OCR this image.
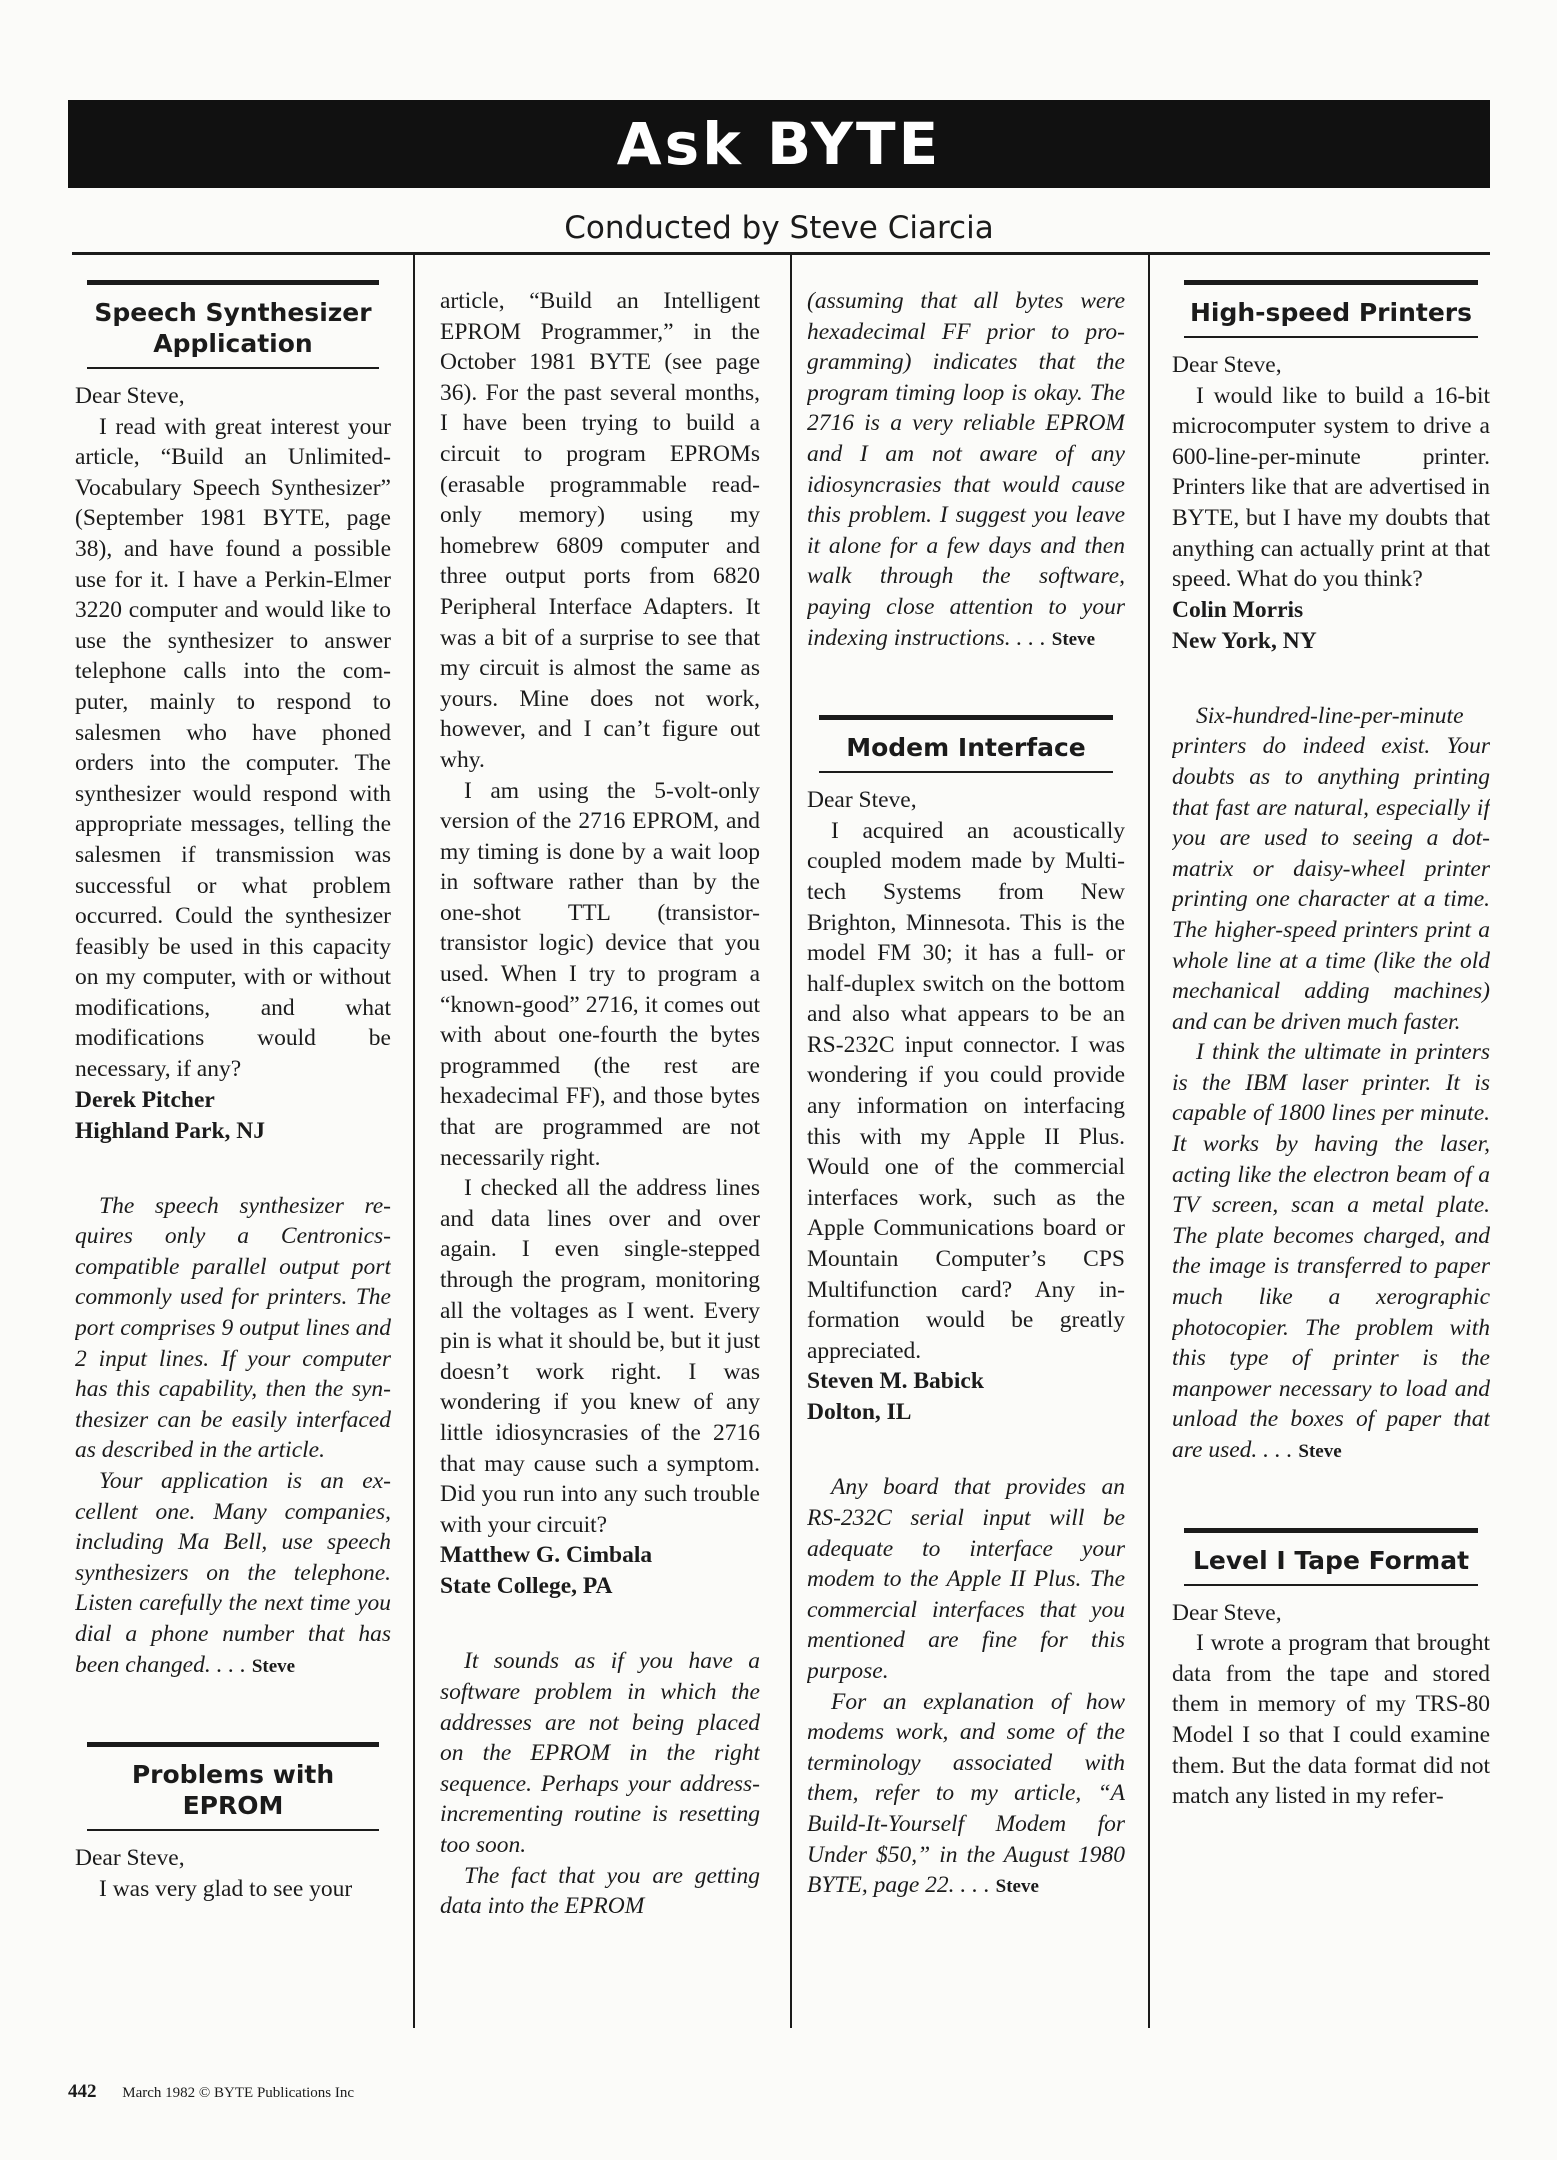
Ask BYTE
Conducted by Steve Ciarcia
Speech Synthesizer Application

Dear Steve,

I read with great interest your article, “Build an Unlimited-Vocabulary Speech Synthesizer” (September 1981 BYTE, page 38), and have found a possible use for it. I have a Perkin-Elmer 3220 computer and would like to use the synthesizer to answer telephone calls into the computer, mainly to respond to salesmen who have phoned orders into the computer. The synthesizer would respond with appropriate messages, telling the salesmen if transmission was successful or what problem occurred. Could the synthesizer feasibly be used in this capacity on my computer, with or without modifications, and what modifications would be necessary, if any?

Derek Pitcher
Highland Park, NJ

The speech synthesizer requires only a Centronics-compatible parallel output port commonly used for printers. The port comprises 9 output lines and 2 input lines. If your computer has this capability, then the synthesizer can be easily interfaced as described in the article.

Your application is an excellent one. Many companies, including Ma Bell, use speech synthesizers on the telephone. Listen carefully the next time you dial a phone number that has been changed. . . . Steve

Problems with EPROM

Dear Steve,

I was very glad to see your

article, “Build an Intelligent EPROM Programmer,” in the October 1981 BYTE (see page 36). For the past several months, I have been trying to build a circuit to program EPROMs (erasable programmable read-only memory) using my homebrew 6809 computer and three output ports from 6820 Peripheral Interface Adapters. It was a bit of a surprise to see that my circuit is almost the same as yours. Mine does not work, however, and I can’t figure out why.

I am using the 5-volt-only version of the 2716 EPROM, and my timing is done by a wait loop in software rather than by the one-shot TTL (transistor-transistor logic) device that you used. When I try to program a “known-good” 2716, it comes out with about one-fourth the bytes programmed (the rest are hexadecimal FF), and those bytes that are programmed are not necessarily right.

I checked all the address lines and data lines over and over again. I even single-stepped through the program, monitoring all the voltages as I went. Every pin is what it should be, but it just doesn’t work right. I was wondering if you knew of any little idiosyncrasies of the 2716 that may cause such a symptom. Did you run into any such trouble with your circuit?

Matthew G. Cimbala
State College, PA

It sounds as if you have a software problem in which the addresses are not being placed on the EPROM in the right sequence. Perhaps your address-incrementing routine is resetting too soon.

The fact that you are getting data into the EPROM

(assuming that all bytes were hexadecimal FF prior to programming) indicates that the program timing loop is okay. The 2716 is a very reliable EPROM and I am not aware of any idiosyncrasies that would cause this problem. I suggest you leave it alone for a few days and then walk through the software, paying close attention to your indexing instructions. . . . Steve

Modem Interface

Dear Steve,

I acquired an acoustically coupled modem made by Multi-tech Systems from New Brighton, Minnesota. This is the model FM 30; it has a full- or half-duplex switch on the bottom and also what appears to be an RS-232C input connector. I was wondering if you could provide any information on interfacing this with my Apple II Plus. Would one of the commercial interfaces work, such as the Apple Communications board or Mountain Computer’s CPS Multifunction card? Any information would be greatly appreciated.

Steven M. Babick
Dolton, IL

Any board that provides an RS-232C serial input will be adequate to interface your modem to the Apple II Plus. The commercial interfaces that you mentioned are fine for this purpose.

For an explanation of how modems work, and some of the terminology associated with them, refer to my article, “A Build-It-Yourself Modem for Under $50,” in the August 1980 BYTE, page 22. . . . Steve

High-speed Printers

Dear Steve,

I would like to build a 16-bit microcomputer system to drive a 600-line-per-minute printer. Printers like that are advertised in BYTE, but I have my doubts that anything can actually print at that speed. What do you think?

Colin Morris
New York, NY

Six-hundred-line-per-minute printers do indeed exist. Your doubts as to anything printing that fast are natural, especially if you are used to seeing a dot-matrix or daisy-wheel printer printing one character at a time. The higher-speed printers print a whole line at a time (like the old mechanical adding machines) and can be driven much faster.

I think the ultimate in printers is the IBM laser printer. It is capable of 1800 lines per minute. It works by having the laser, acting like the electron beam of a TV screen, scan a metal plate. The plate becomes charged, and the image is transferred to paper much like a xerographic photocopier. The problem with this type of printer is the manpower necessary to load and unload the boxes of paper that are used. . . . Steve

Level I Tape Format

Dear Steve,

I wrote a program that brought data from the tape and stored them in memory of my TRS-80 Model I so that I could examine them. But the data format did not match any listed in my refer-

442 March 1982 © BYTE Publications Inc
